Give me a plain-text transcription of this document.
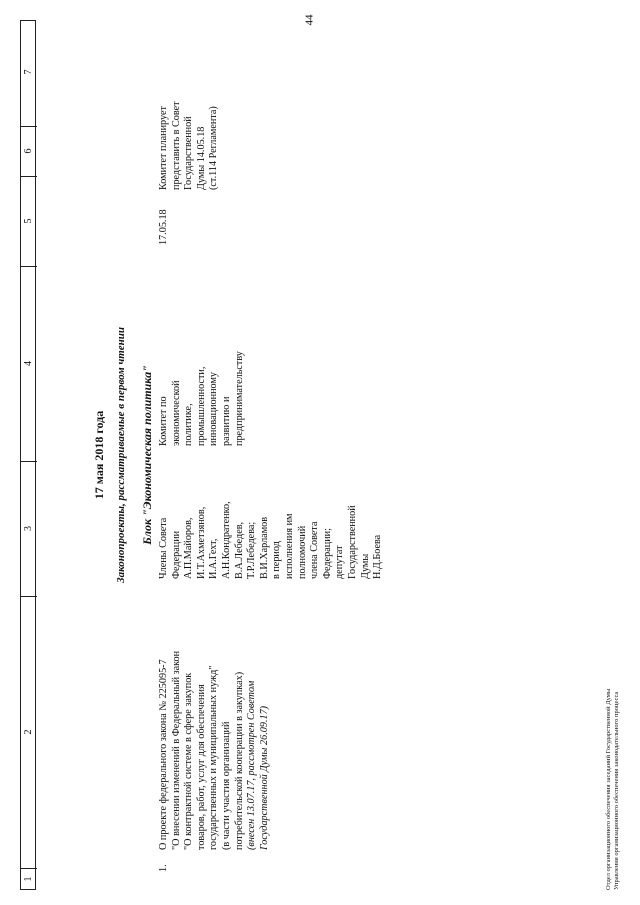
44
1
2
3
4
5
6
7
17 мая 2018 года Законопроекты, рассматриваемые в первом чтении Блок "Экономическая политика"
1.
О проекте федерального закона № 225095-7 "О внесении изменений в Федеральный закон "О контрактной системе в сфере закупок товаров, работ, услуг для обеспечения государственных и муниципальных нужд" (в части участия организаций потребительской кооперации в закупках) (внесен 13.07.17, рассмотрен Советом Государственной Думы 26.09.17)
Члены Совета Федерации А.П.Майоров, И.Т.Ахметзянов, И.А.Гехт, А.Н.Кондратенко, В.А.Лебедев, Т.Р.Лебедева; В.И.Харламов в период исполнения им полномочий члена Совета Федерации; депутат Государственной Думы Н.Д.Боева
Комитет по экономической политике, промышленности, инновационному развитию и предпринимательству
17.05.18
Комитет планирует представить в Совет Государственной Думы 14.05.18 (ст.114 Регламента)
Отдел организационного обеспечения заседаний Государственной Думы Управления организационного обеспечения законодательного процесса
